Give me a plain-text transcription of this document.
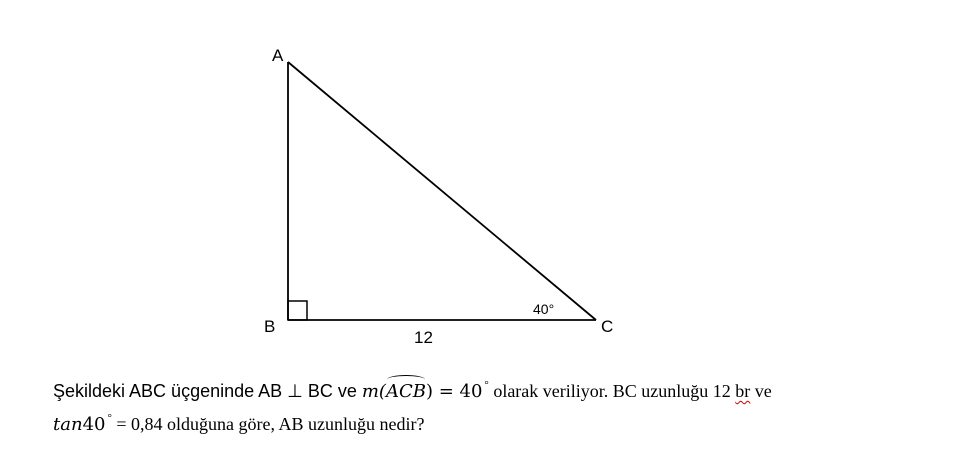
A
B	C
12
40°
Şekildeki ABC üçgeninde AB ⊥ BC ve m(ACB) = 40 ° olarak veriliyor. BC uzunluğu 12 br ve
tan40 ° = 0,84 olduğuna göre, AB uzunluğu nedir?
